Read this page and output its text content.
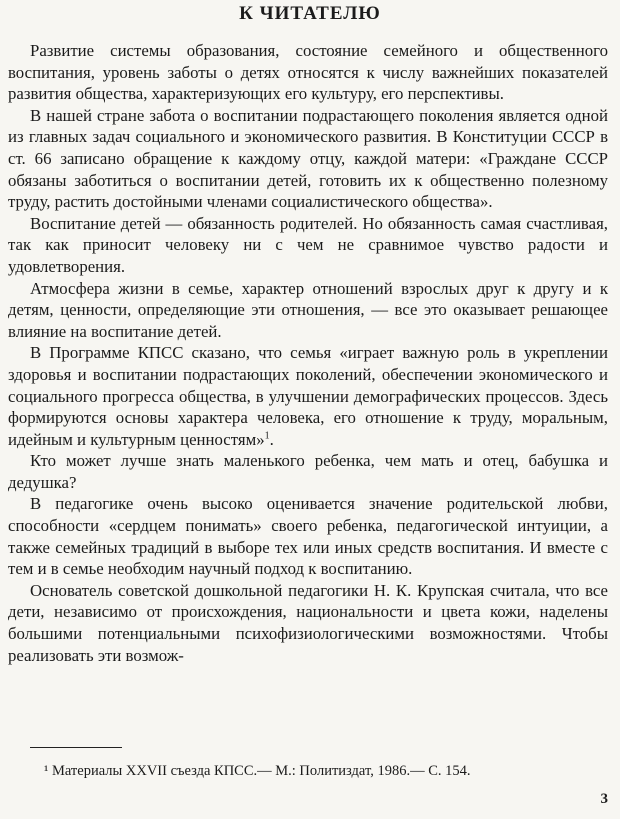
К ЧИТАТЕЛЮ

Развитие системы образования, состояние семейного и общественного воспитания, уровень заботы о детях относятся к числу важнейших показателей развития общества, характеризующих его культуру, его перспективы.

В нашей стране забота о воспитании подрастающего поколения является одной из главных задач социального и экономического развития. В Конституции СССР в ст. 66 записано обращение к каждому отцу, каждой матери: «Граждане СССР обязаны заботиться о воспитании детей, готовить их к общественно полезному труду, растить достойными членами социалистического общества».

Воспитание детей — обязанность родителей. Но обязанность самая счастливая, так как приносит человеку ни с чем не сравнимое чувство радости и удовлетворения.

Атмосфера жизни в семье, характер отношений взрослых друг к другу и к детям, ценности, определяющие эти отношения, — все это оказывает решающее влияние на воспитание детей.

В Программе КПСС сказано, что семья «играет важную роль в укреплении здоровья и воспитании подрастающих поколений, обеспечении экономического и социального прогресса общества, в улучшении демографических процессов. Здесь формируются основы характера человека, его отношение к труду, моральным, идейным и культурным ценностям»$^1$.

Кто может лучше знать маленького ребенка, чем мать и отец, бабушка и дедушка?

В педагогике очень высоко оценивается значение родительской любви, способности «сердцем понимать» своего ребенка, педагогической интуиции, а также семейных традиций в выборе тех или иных средств воспитания. И вместе с тем и в семье необходим научный подход к воспитанию.

Основатель советской дошкольной педагогики Н. К. Крупская считала, что все дети, независимо от происхождения, национальности и цвета кожи, наделены большими потенциальными психофизиологическими возможностями. Чтобы реализовать эти возмож-

¹ Материалы XXVII съезда КПСС.— М.: Политиздат, 1986.— С. 154.

3
